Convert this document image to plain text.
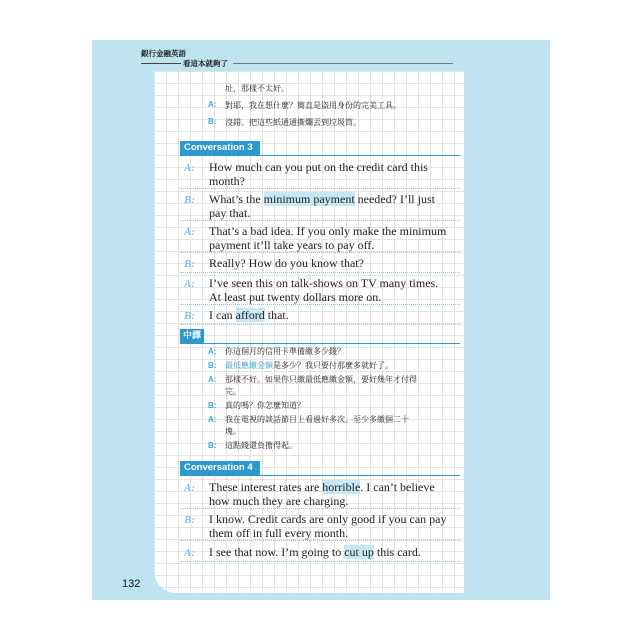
銀行金融英語
看這本就夠了
址，那樣不太好。
A: 對耶，我在想什麼？簡直是盜用身份的完美工具。
B: 沒錯。把這些紙通通撕爛丟到垃圾筒。
Conversation 3
A: How much can you put on the credit card this
month?
B: What’s the minimum payment needed? I’ll just
pay that.
A: That’s a bad idea. If you only make the minimum
payment it’ll take years to pay off.
B: Really? How do you know that?
A: I’ve seen this on talk-shows on TV many times.
At least put twenty dollars more on.
B: I can afford that.
中譯
A: 你這個月的信用卡準備繳多少錢？
B: 最低應繳金額是多少？我只要付那麼多就好了。
A: 那樣不好。如果你只繳最低應繳金額，要好幾年才付得
完。
B: 真的嗎？你怎麼知道？
A: 我在電視的談話節目上看過好多次。至少多繳個二十
塊。
B: 這點錢還負擔得起。
Conversation 4
A: These interest rates are horrible. I can’t believe
how much they are charging.
B: I know. Credit cards are only good if you can pay
them off in full every month.
A: I see that now. I’m going to cut up this card.
132
